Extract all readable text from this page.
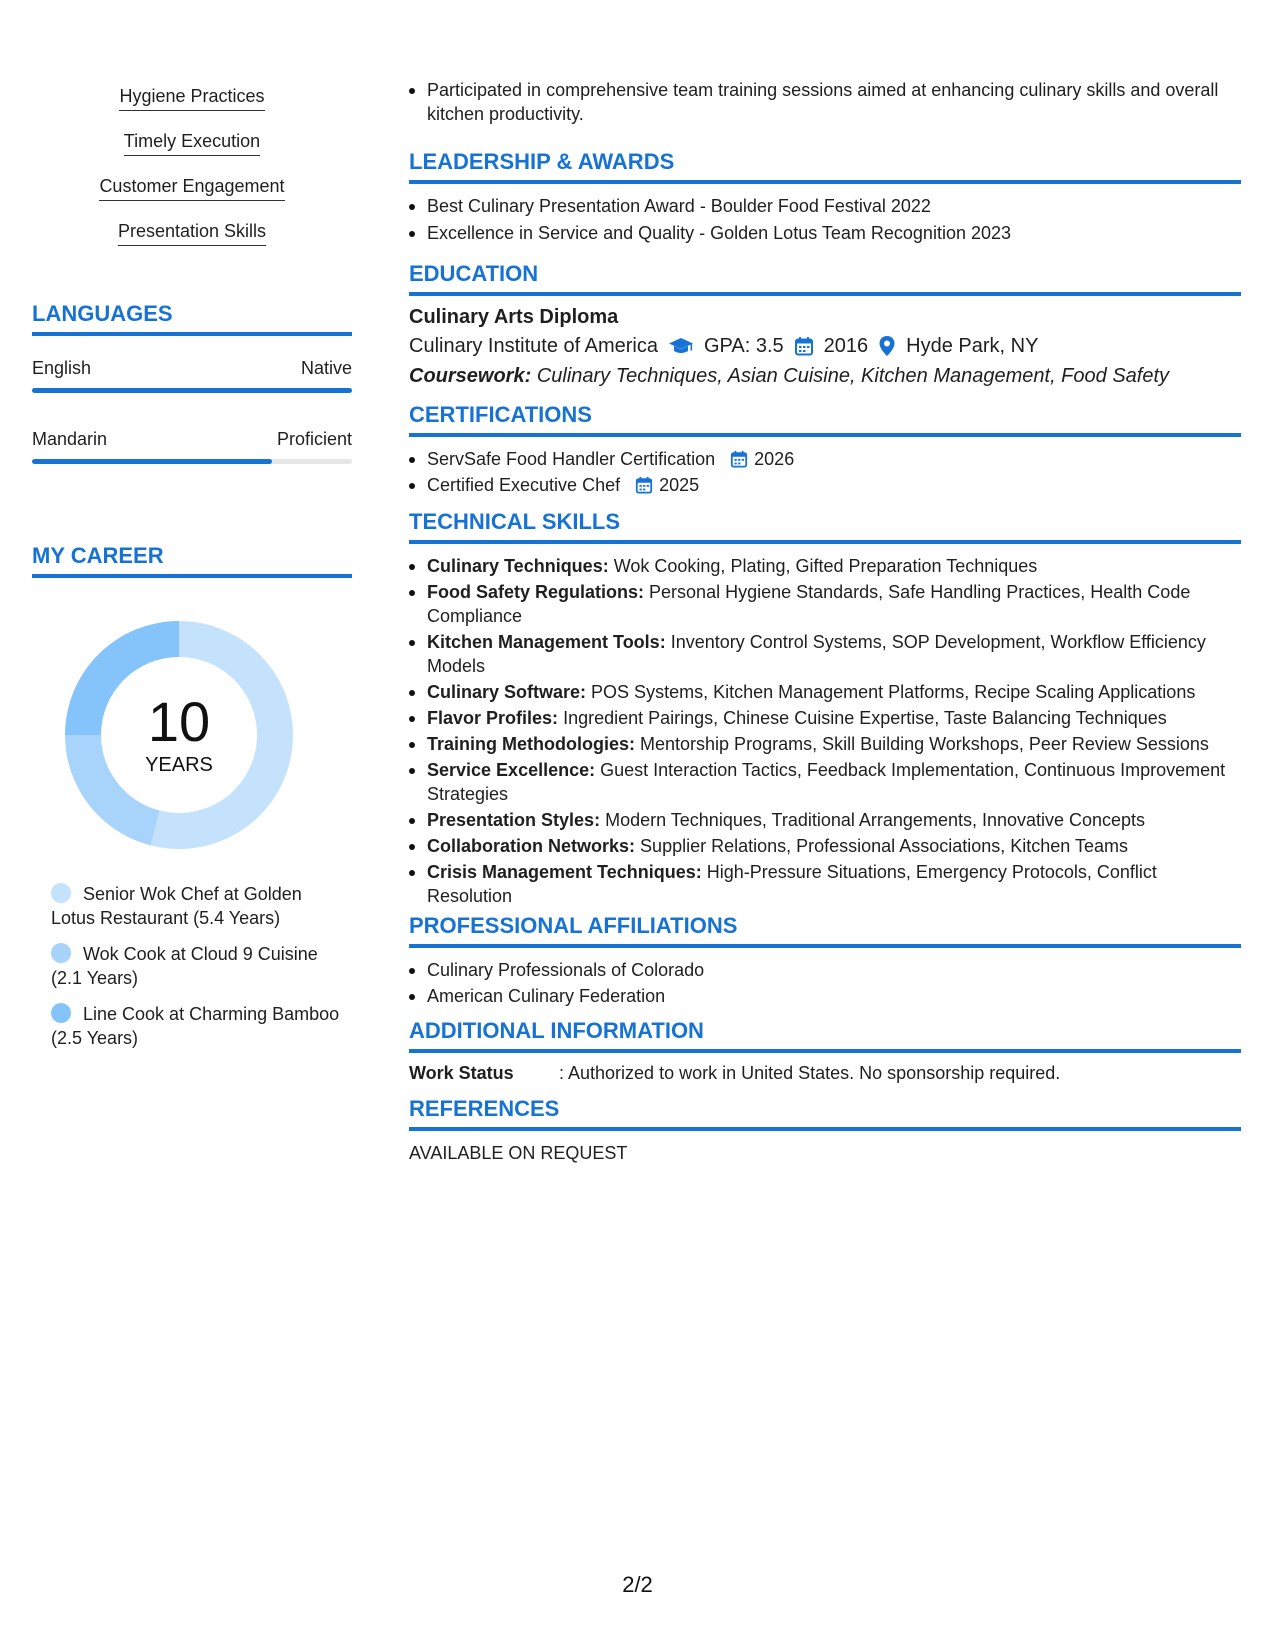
Hygiene Practices
Timely Execution
Customer Engagement
Presentation Skills
LANGUAGES
English	Native
Mandarin	Proficient
MY CAREER
10
YEARS
Senior Wok Chef at Golden Lotus Restaurant (5.4 Years)
Wok Cook at Cloud 9 Cuisine (2.1 Years)
Line Cook at Charming Bamboo (2.5 Years)
Participated in comprehensive team training sessions aimed at enhancing culinary skills and overall kitchen productivity.
LEADERSHIP & AWARDS
Best Culinary Presentation Award - Boulder Food Festival 2022
Excellence in Service and Quality - Golden Lotus Team Recognition 2023
EDUCATION
Culinary Arts Diploma
Culinary Institute of America GPA: 3.5 2016 Hyde Park, NY
Coursework: Culinary Techniques, Asian Cuisine, Kitchen Management, Food Safety
CERTIFICATIONS
ServSafe Food Handler Certification 2026
Certified Executive Chef 2025
TECHNICAL SKILLS
Culinary Techniques: Wok Cooking, Plating, Gifted Preparation Techniques
Food Safety Regulations: Personal Hygiene Standards, Safe Handling Practices, Health Code Compliance
Kitchen Management Tools: Inventory Control Systems, SOP Development, Workflow Efficiency Models
Culinary Software: POS Systems, Kitchen Management Platforms, Recipe Scaling Applications
Flavor Profiles: Ingredient Pairings, Chinese Cuisine Expertise, Taste Balancing Techniques
Training Methodologies: Mentorship Programs, Skill Building Workshops, Peer Review Sessions
Service Excellence: Guest Interaction Tactics, Feedback Implementation, Continuous Improvement Strategies
Presentation Styles: Modern Techniques, Traditional Arrangements, Innovative Concepts
Collaboration Networks: Supplier Relations, Professional Associations, Kitchen Teams
Crisis Management Techniques: High-Pressure Situations, Emergency Protocols, Conflict Resolution
PROFESSIONAL AFFILIATIONS
Culinary Professionals of Colorado
American Culinary Federation
ADDITIONAL INFORMATION
Work Status	: Authorized to work in United States. No sponsorship required.
REFERENCES
AVAILABLE ON REQUEST
2/2
